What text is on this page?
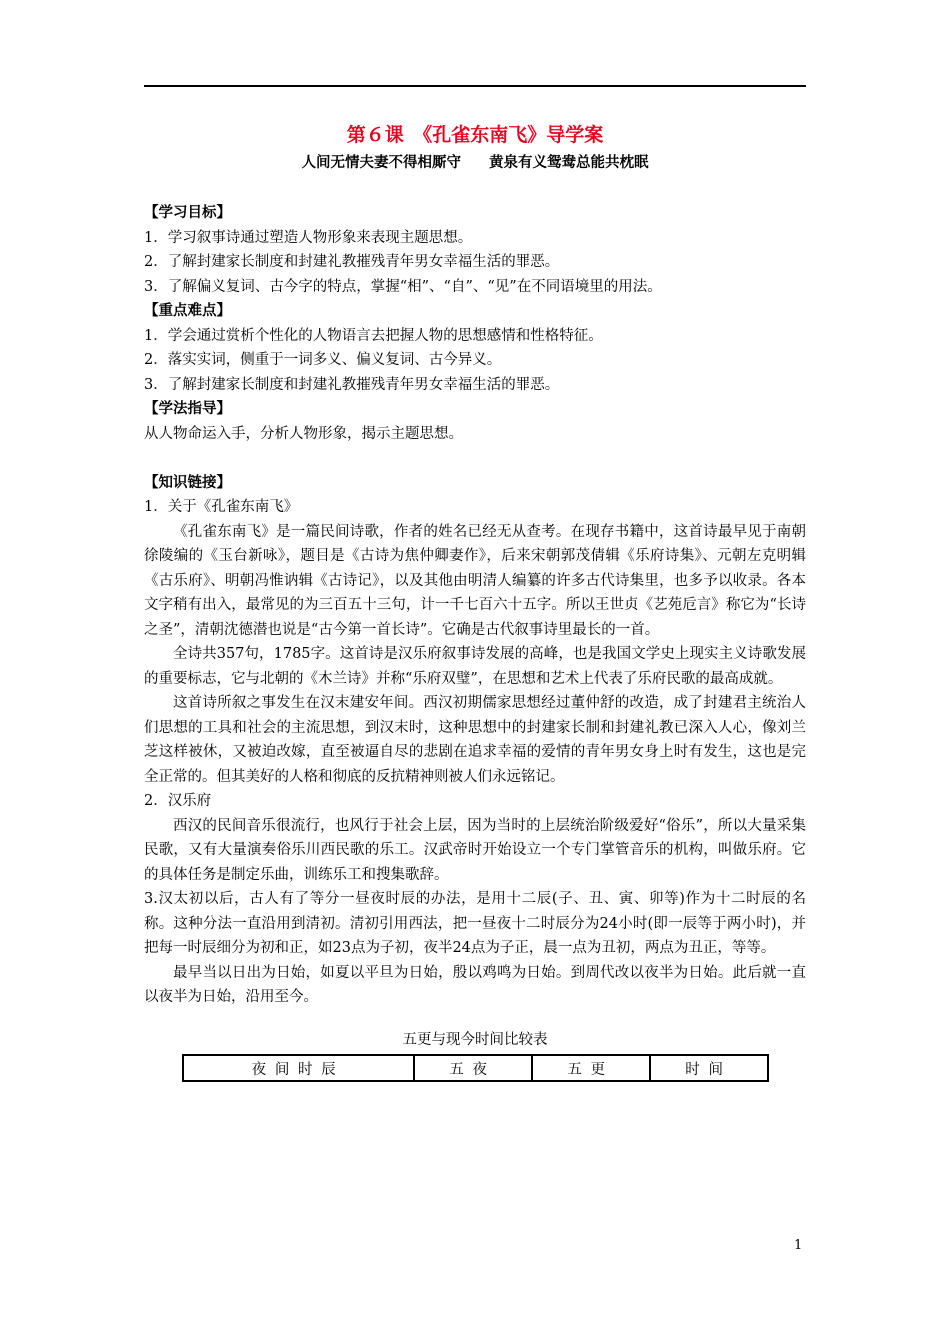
第６课　《孔雀东南飞》导学案
人间无情夫妻不得相厮守 黄泉有义鸳鸯总能共枕眠
【学习目标】
1．学习叙事诗通过塑造人物形象来表现主题思想。
2．了解封建家长制度和封建礼教摧残青年男女幸福生活的罪恶。
3．了解偏义复词、古今字的特点，掌握“相”、“自”、“见”在不同语境里的用法。
【重点难点】
1．学会通过赏析个性化的人物语言去把握人物的思想感情和性格特征。
2．落实实词，侧重于一词多义、偏义复词、古今异义。
3．了解封建家长制度和封建礼教摧残青年男女幸福生活的罪恶。
【学法指导】
从人物命运入手，分析人物形象，揭示主题思想。
【知识链接】
1．关于《孔雀东南飞》
《孔雀东南飞》是一篇民间诗歌，作者的姓名已经无从查考。在现存书籍中，这首诗最早见于南朝徐陵编的《玉台新咏》，题目是《古诗为焦仲卿妻作》，后来宋朝郭茂倩辑《乐府诗集》、元朝左克明辑《古乐府》、明朝冯惟讷辑《古诗记》，以及其他由明清人编纂的许多古代诗集里，也多予以收录。各本文字稍有出入，最常见的为三百五十三句，计一千七百六十五字。所以王世贞《艺苑卮言》称它为“长诗之圣”，清朝沈德潜也说是“古今第一首长诗”。它确是古代叙事诗里最长的一首。
全诗共357句，1785字。这首诗是汉乐府叙事诗发展的高峰，也是我国文学史上现实主义诗歌发展的重要标志，它与北朝的《木兰诗》并称“乐府双璧”，在思想和艺术上代表了乐府民歌的最高成就。
这首诗所叙之事发生在汉末建安年间。西汉初期儒家思想经过董仲舒的改造，成了封建君主统治人们思想的工具和社会的主流思想，到汉末时，这种思想中的封建家长制和封建礼教已深入人心，像刘兰芝这样被休，又被迫改嫁，直至被逼自尽的悲剧在追求幸福的爱情的青年男女身上时有发生，这也是完全正常的。但其美好的人格和彻底的反抗精神则被人们永远铭记。
2．汉乐府
西汉的民间音乐很流行，也风行于社会上层，因为当时的上层统治阶级爱好“俗乐”，所以大量采集民歌，又有大量演奏俗乐川西民歌的乐工。汉武帝时开始设立一个专门掌管音乐的机构，叫做乐府。它的具体任务是制定乐曲，训练乐工和搜集歌辞。
3.汉太初以后，古人有了等分一昼夜时辰的办法，是用十二辰(子、丑、寅、卯等)作为十二时辰的名称。这种分法一直沿用到清初。清初引用西法，把一昼夜十二时辰分为24小时(即一辰等于两小时)，并把每一时辰细分为初和正，如23点为子初，夜半24点为子正，晨一点为丑初，两点为丑正，等等。
最早当以日出为日始，如夏以平旦为日始，殷以鸡鸣为日始。到周代改以夜半为日始。此后就一直以夜半为日始，沿用至今。
五更与现今时间比较表
夜间时辰	五夜	五更	时间
1
